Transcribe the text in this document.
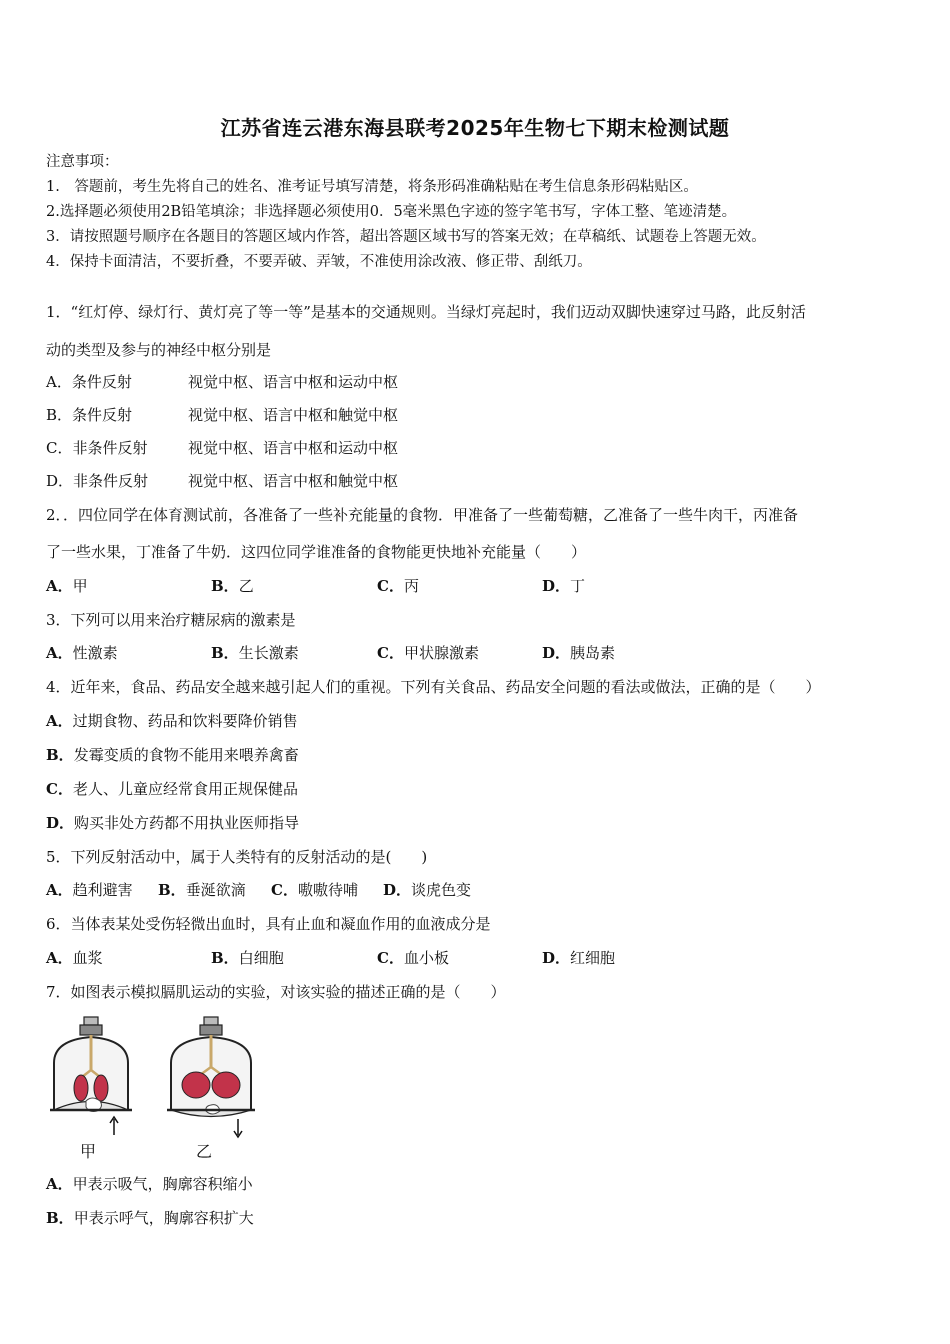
江苏省连云港东海县联考2025年生物七下期末检测试题
注意事项：
1.　答题前，考生先将自己的姓名、准考证号填写清楚，将条形码准确粘贴在考生信息条形码粘贴区。
2.选择题必须使用2B铅笔填涂；非选择题必须使用0．5毫米黑色字迹的签字笔书写，字体工整、笔迹清楚。
3．请按照题号顺序在各题目的答题区域内作答，超出答题区域书写的答案无效；在草稿纸、试题卷上答题无效。
4．保持卡面清洁，不要折叠，不要弄破、弄皱，不准使用涂改液、修正带、刮纸刀。
1．“红灯停、绿灯行、黄灯亮了等一等”是基本的交通规则。当绿灯亮起时，我们迈动双脚快速穿过马路，此反射活
动的类型及参与的神经中枢分别是
A．条件反射	视觉中枢、语言中枢和运动中枢
B．条件反射	视觉中枢、语言中枢和触觉中枢
C．非条件反射	视觉中枢、语言中枢和运动中枢
D．非条件反射	视觉中枢、语言中枢和触觉中枢
2．．四位同学在体育测试前，各准备了一些补充能量的食物．甲准备了一些葡萄糖，乙准备了一些牛肉干，丙准备
了一些水果，丁准备了牛奶．这四位同学谁准备的食物能更快地补充能量（　　）
A．甲	B．乙	C．丙	D．丁
3．下列可以用来治疗糖尿病的激素是
A．性激素	B．生长激素	C．甲状腺激素	D．胰岛素
4．近年来，食品、药品安全越来越引起人们的重视。下列有关食品、药品安全问题的看法或做法，正确的是（　　）
A．过期食物、药品和饮料要降价销售
B．发霉变质的食物不能用来喂养禽畜
C．老人、儿童应经常食用正规保健品
D．购买非处方药都不用执业医师指导
5．下列反射活动中，属于人类特有的反射活动的是(　　)
A．趋利避害 B．垂涎欲滴 C．嗷嗷待哺 D．谈虎色变
6．当体表某处受伤轻微出血时，具有止血和凝血作用的血液成分是
A．血浆	B．白细胞	C．血小板	D．红细胞
7．如图表示模拟膈肌运动的实验，对该实验的描述正确的是（　　）
甲	乙
A．甲表示吸气，胸廓容积缩小
B．甲表示呼气，胸廓容积扩大
